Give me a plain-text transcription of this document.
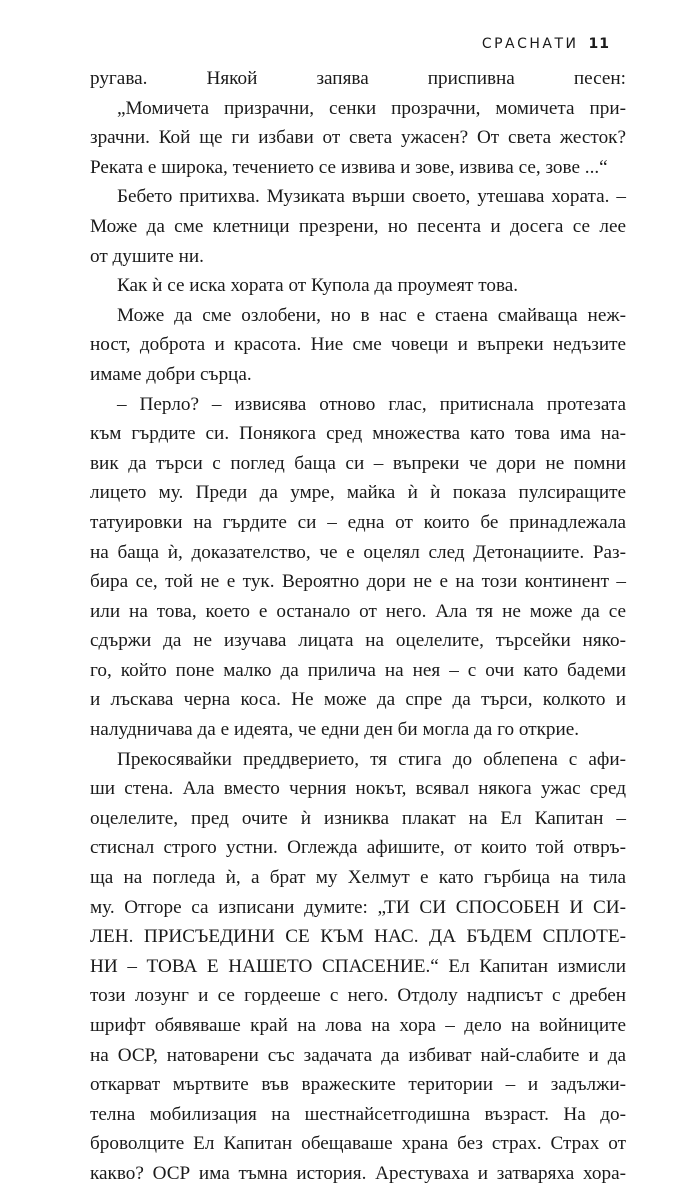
СРАСНАТИ 11
ругава. Някой запява приспивна песен:
„Момичета призрачни, сенки прозрачни, момичета при-
зрачни. Кой ще ги избави от света ужасен? От света жесток?
Реката е широка, течението се извива и зове, извива се, зове ...“
Бебето притихва. Музиката върши своето, утешава хората. –
Може да сме клетници презрени, но песента и досега се лее
от душите ни.
Как ѝ се иска хората от Купола да проумеят това.
Може да сме озлобени, но в нас е стаена смайваща неж-
ност, доброта и красота. Ние сме човеци и въпреки недъзите
имаме добри сърца.
– Перло? – извисява отново глас, притиснала протезата
към гърдите си. Понякога сред множества като това има на-
вик да търси с поглед баща си – въпреки че дори не помни
лицето му. Преди да умре, майка ѝ ѝ показа пулсиращите
татуировки на гърдите си – една от които бе принадлежала
на баща ѝ, доказателство, че е оцелял след Детонациите. Раз-
бира се, той не е тук. Вероятно дори не е на този континент –
или на това, което е останало от него. Ала тя не може да се
сдържи да не изучава лицата на оцелелите, търсейки няко-
го, който поне малко да прилича на нея – с очи като бадеми
и лъскава черна коса. Не може да спре да търси, колкото и
налудничава да е идеята, че едни ден би могла да го открие.
Прекосявайки преддверието, тя стига до облепена с афи-
ши стена. Ала вместо черния нокът, всявал някога ужас сред
оцелелите, пред очите ѝ изниква плакат на Ел Капитан –
стиснал строго устни. Оглежда афишите, от които той отвръ-
ща на погледа ѝ, а брат му Хелмут е като гърбица на тила
му. Отгоре са изписани думите: „ТИ СИ СПОСОБЕН И СИ-
ЛЕН. ПРИСЪЕДИНИ СЕ КЪМ НАС. ДА БЪДЕМ СПЛОТЕ-
НИ – ТОВА Е НАШЕТО СПАСЕНИЕ.“ Ел Капитан измисли
този лозунг и се гордееше с него. Отдолу надписът с дребен
шрифт обявяваше край на лова на хора – дело на войниците
на ОСР, натоварени със задачата да избиват най-слабите и да
откарват мъртвите във вражеските територии – и задължи-
телна мобилизация на шестнайсетгодишна възраст. На до-
броволците Ел Капитан обещаваше храна без страх. Страх от
какво? ОСР има тъмна история. Арестуваха и затваряха хора-
